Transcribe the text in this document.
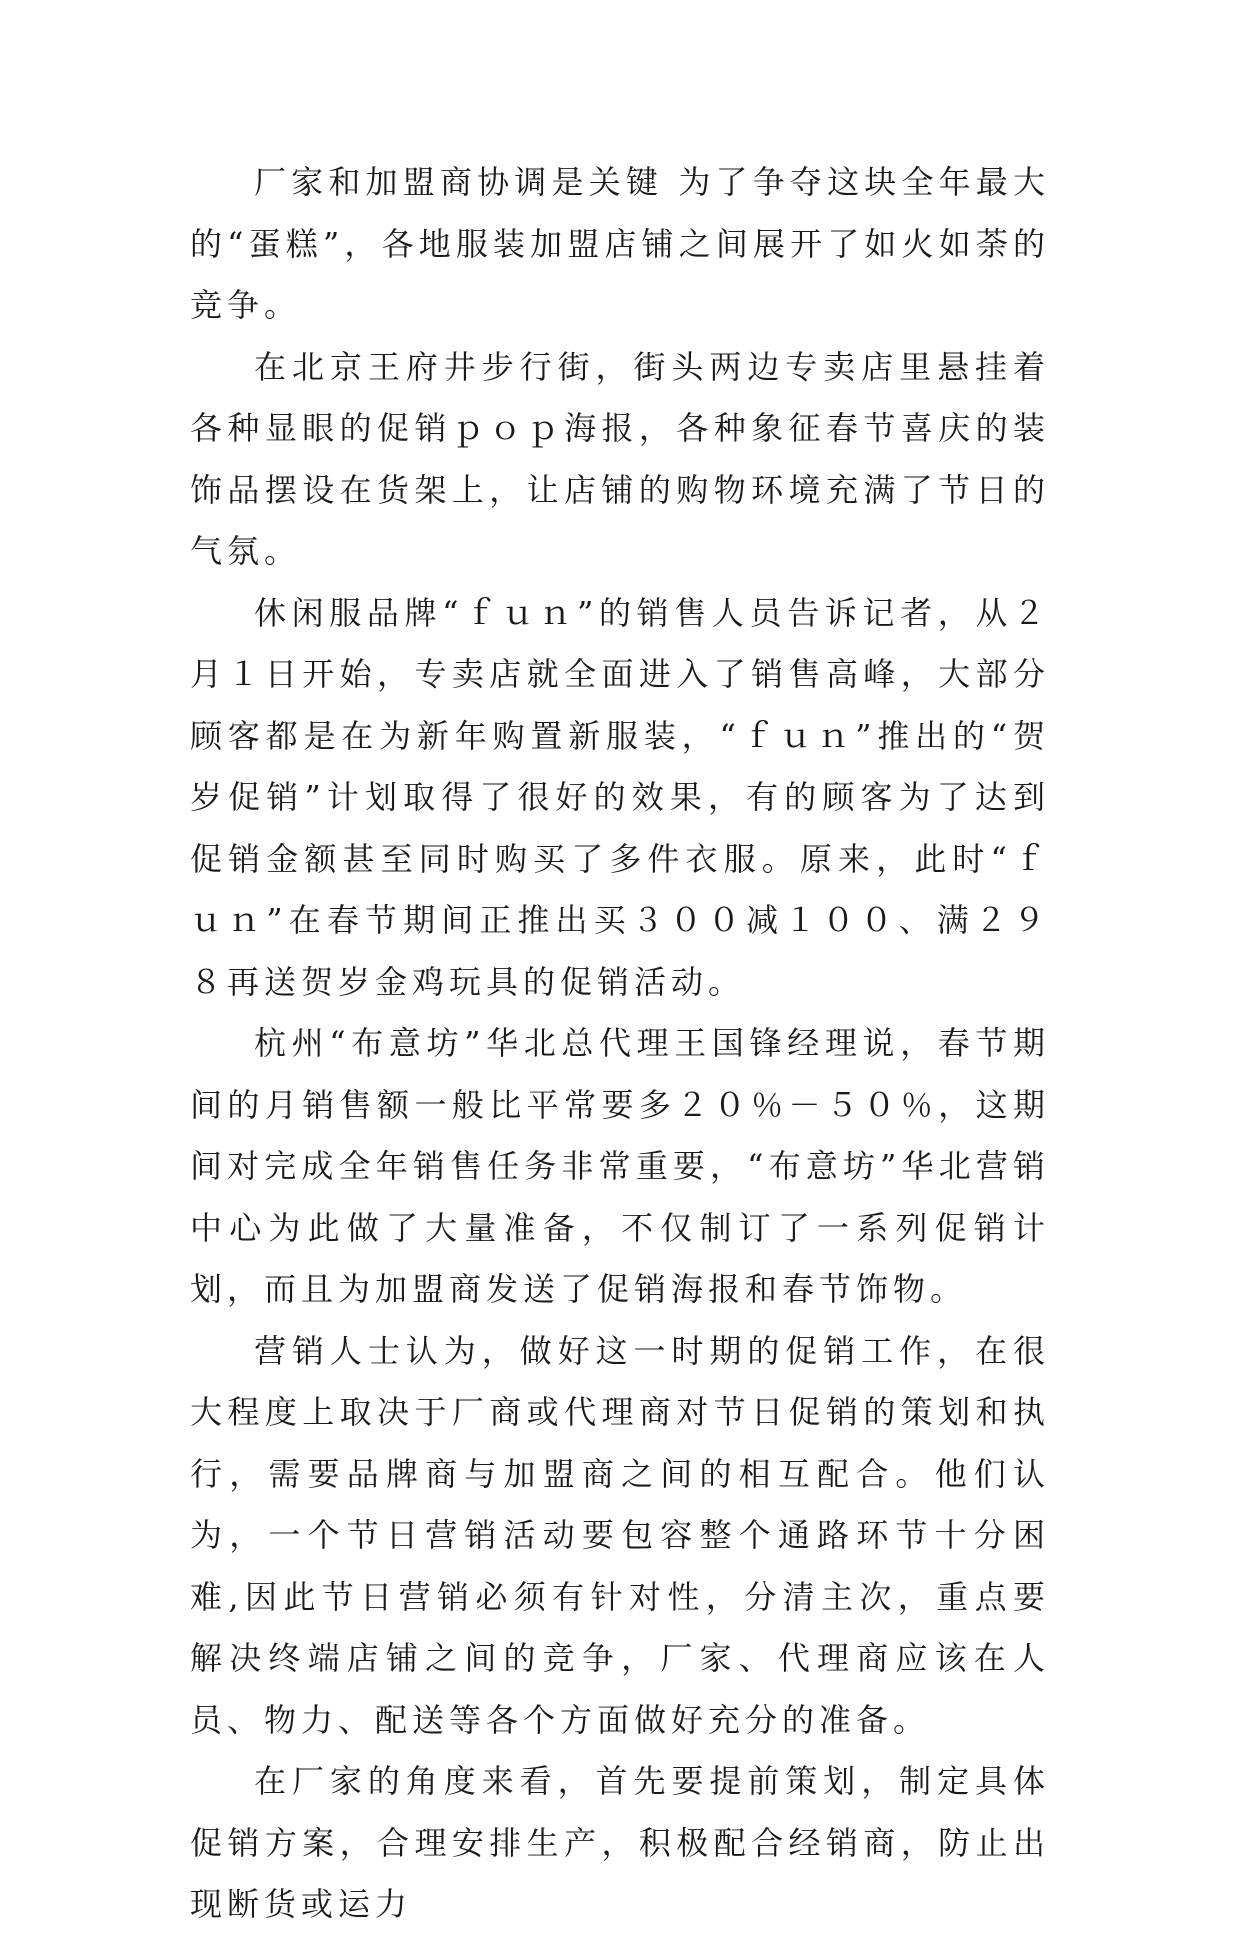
厂家和加盟商协调是关键 为了争夺这块全年最大的“蛋糕”，各地服装加盟店铺之间展开了如火如荼的竞争。

在北京王府井步行街，街头两边专卖店里悬挂着各种显眼的促销ｐｏｐ海报，各种象征春节喜庆的装饰品摆设在货架上，让店铺的购物环境充满了节日的气氛。

休闲服品牌“ｆｕｎ”的销售人员告诉记者，从２月１日开始，专卖店就全面进入了销售高峰，大部分顾客都是在为新年购置新服装，“ｆｕｎ”推出的“贺岁促销”计划取得了很好的效果，有的顾客为了达到促销金额甚至同时购买了多件衣服。原来，此时“ｆｕｎ”在春节期间正推出买３００减１００、满２９８再送贺岁金鸡玩具的促销活动。

杭州“布意坊”华北总代理王国锋经理说，春节期间的月销售额一般比平常要多２０％－５０％，这期间对完成全年销售任务非常重要，“布意坊”华北营销中心为此做了大量准备，不仅制订了一系列促销计划，而且为加盟商发送了促销海报和春节饰物。

营销人士认为，做好这一时期的促销工作，在很大程度上取决于厂商或代理商对节日促销的策划和执行，需要品牌商与加盟商之间的相互配合。他们认为，一个节日营销活动要包容整个通路环节十分困难,因此节日营销必须有针对性，分清主次，重点要解决终端店铺之间的竞争，厂家、代理商应该在人员、物力、配送等各个方面做好充分的准备。

在厂家的角度来看，首先要提前策划，制定具体促销方案，合理安排生产，积极配合经销商，防止出现断货或运力
